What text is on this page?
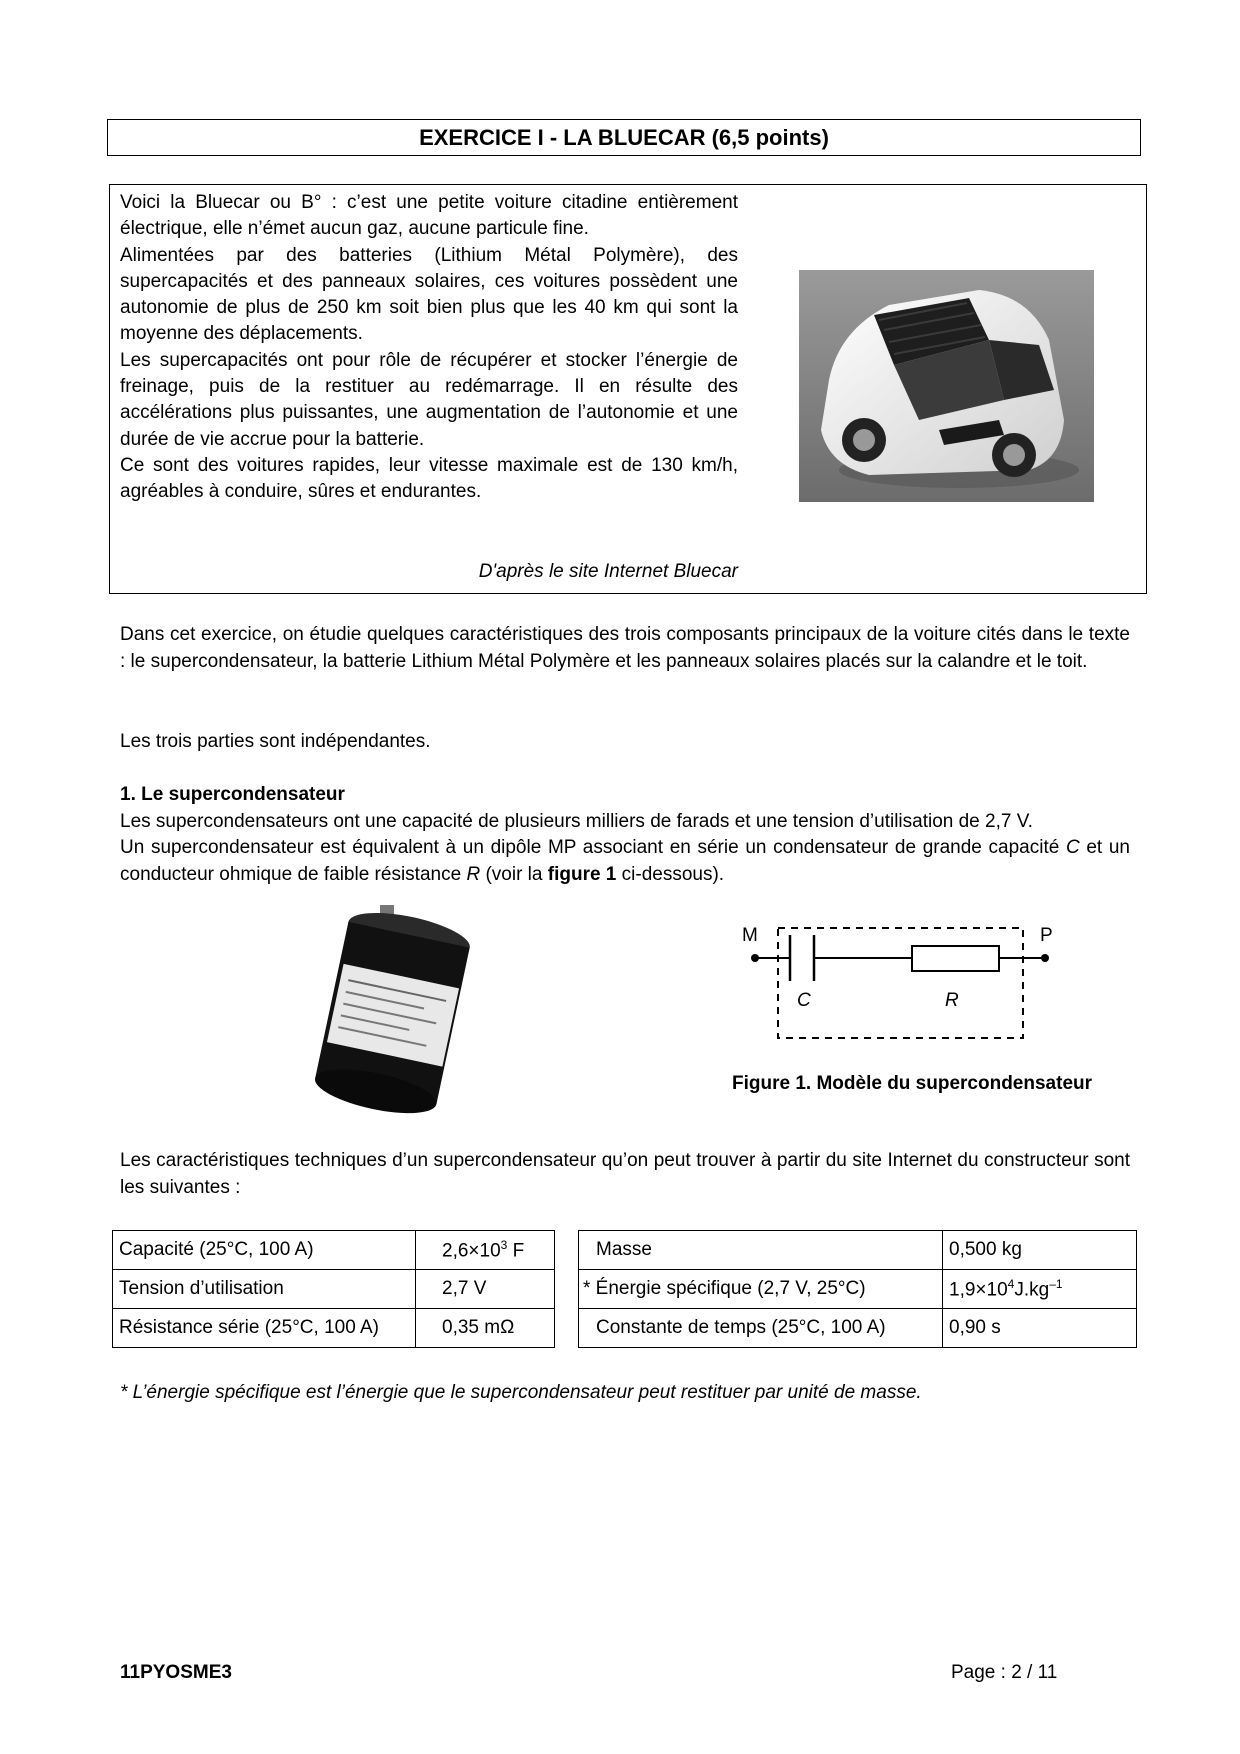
EXERCICE I - LA BLUECAR (6,5 points)

Voici la Bluecar ou B° : c’est une petite voiture citadine entièrement électrique, elle n’émet aucun gaz, aucune particule fine.

Alimentées par des batteries (Lithium Métal Polymère), des supercapacités et des panneaux solaires, ces voitures possèdent une autonomie de plus de 250 km soit bien plus que les 40 km qui sont la moyenne des déplacements.

Les supercapacités ont pour rôle de récupérer et stocker l’énergie de freinage, puis de la restituer au redémarrage. Il en résulte des accélérations plus puissantes, une augmentation de l’autonomie et une durée de vie accrue pour la batterie.

Ce sont des voitures rapides, leur vitesse maximale est de 130 km/h, agréables à conduire, sûres et endurantes.

D'après le site Internet Bluecar

Dans cet exercice, on étudie quelques caractéristiques des trois composants principaux de la voiture cités dans le texte : le supercondensateur, la batterie Lithium Métal Polymère et les panneaux solaires placés sur la calandre et le toit.

Les trois parties sont indépendantes.

1. Le supercondensateur

Les supercondensateurs ont une capacité de plusieurs milliers de farads et une tension d’utilisation de 2,7 V.

Un supercondensateur est équivalent à un dipôle MP associant en série un condensateur de grande capacité C et un conducteur ohmique de faible résistance R (voir la figure 1 ci-dessous).

M	P
C	R
Figure 1. Modèle du supercondensateur

Les caractéristiques techniques d’un supercondensateur qu’on peut trouver à partir du site Internet du constructeur sont les suivantes :

Capacité (25°C, 100 A)	$2,6\times 10^3$ F
Tension d’utilisation	2,7 V
Résistance série (25°C, 100 A)	0,35 mΩ
Masse	0,500 kg
* Énergie spécifique (2,7 V, 25°C)	$1,9\times 10^4J.kg^{-1}$
Constante de temps (25°C, 100 A)	0,90 s
* L’énergie spécifique est l’énergie que le supercondensateur peut restituer par unité de masse.
11PYOSME3	Page : 2 / 11
